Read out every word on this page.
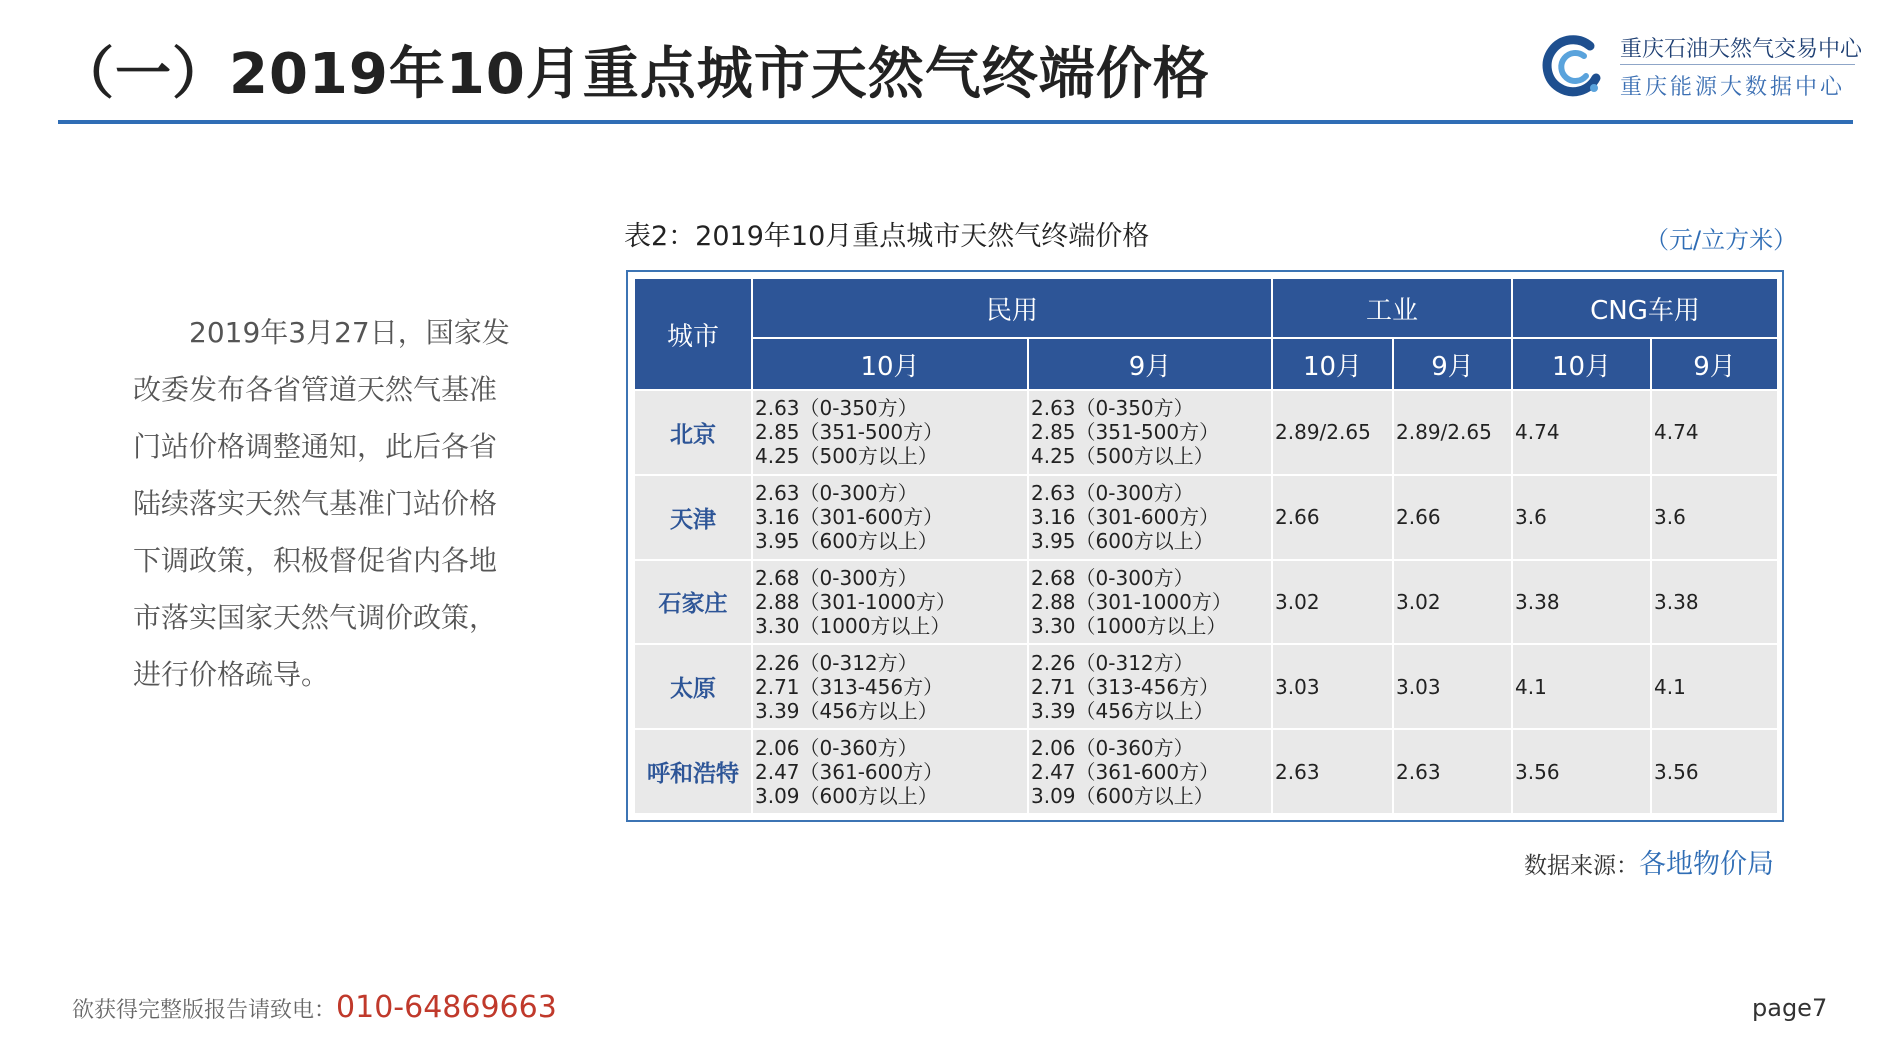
（一）2019年10月重点城市天然气终端价格	重庆石油天然气交易中心
重庆能源大数据中心
2019年3月27日，国家发改委发布各省管道天然气基准门站价格调整通知，此后各省陆续落实天然气基准门站价格下调政策，积极督促省内各地市落实国家天然气调价政策，进行价格疏导。
表2：2019年10月重点城市天然气终端价格	（元/立方米）
城市	民用		工业		CNG车用	
	10月	9月	10月	9月	10月	9月
北京	2.63（0-350方）
2.85（351-500方）
4.25（500方以上）	2.63（0-350方）
2.85（351-500方）
4.25（500方以上）	2.89/2.65	2.89/2.65	4.74	4.74
天津	2.63（0-300方）
3.16（301-600方）
3.95（600方以上）	2.63（0-300方）
3.16（301-600方）
3.95（600方以上）	2.66	2.66	3.6	3.6
石家庄	2.68（0-300方）
2.88（301-1000方）
3.30（1000方以上）	2.68（0-300方）
2.88（301-1000方）
3.30（1000方以上）	3.02	3.02	3.38	3.38
太原	2.26（0-312方）
2.71（313-456方）
3.39（456方以上）	2.26（0-312方）
2.71（313-456方）
3.39（456方以上）	3.03	3.03	4.1	4.1
呼和浩特	2.06（0-360方）
2.47（361-600方）
3.09（600方以上）	2.06（0-360方）
2.47（361-600方）
3.09（600方以上）	2.63	2.63	3.56	3.56
数据来源：各地物价局
欲获得完整版报告请致电：010-64869663	page7
